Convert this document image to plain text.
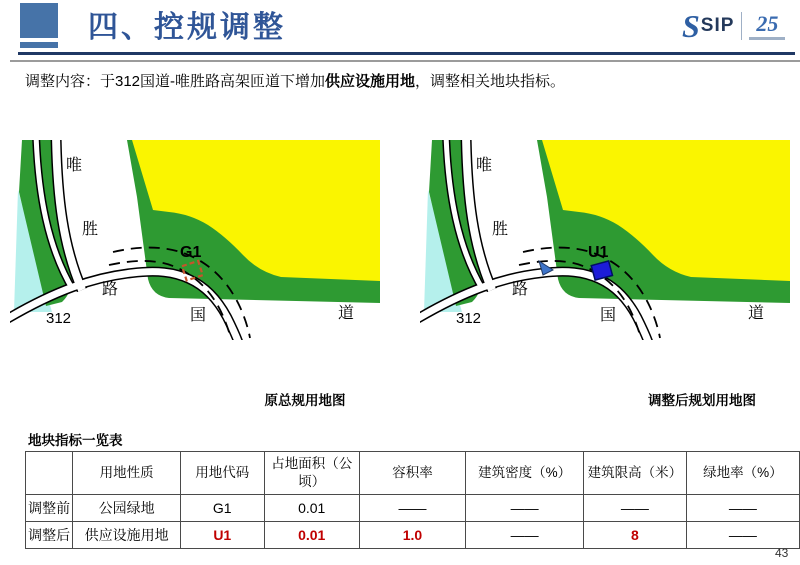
四、控规调整	S SIP 25
调整内容：于312国道-唯胜路高架匝道下增加供应设施用地，调整相关地块指标。
唯
胜
路
312	国	道
G1
唯
胜
路
312	国	道
U1
原总规用地图	调整后规划用地图
地块指标一览表
	用地性质	用地代码	占地面积（公顷）	容积率	建筑密度（%）	建筑限高（米）	绿地率（%）
调整前	公园绿地	G1	0.01	——	——	——	——
调整后	供应设施用地	U1	0.01	1.0	——	8	——
43
